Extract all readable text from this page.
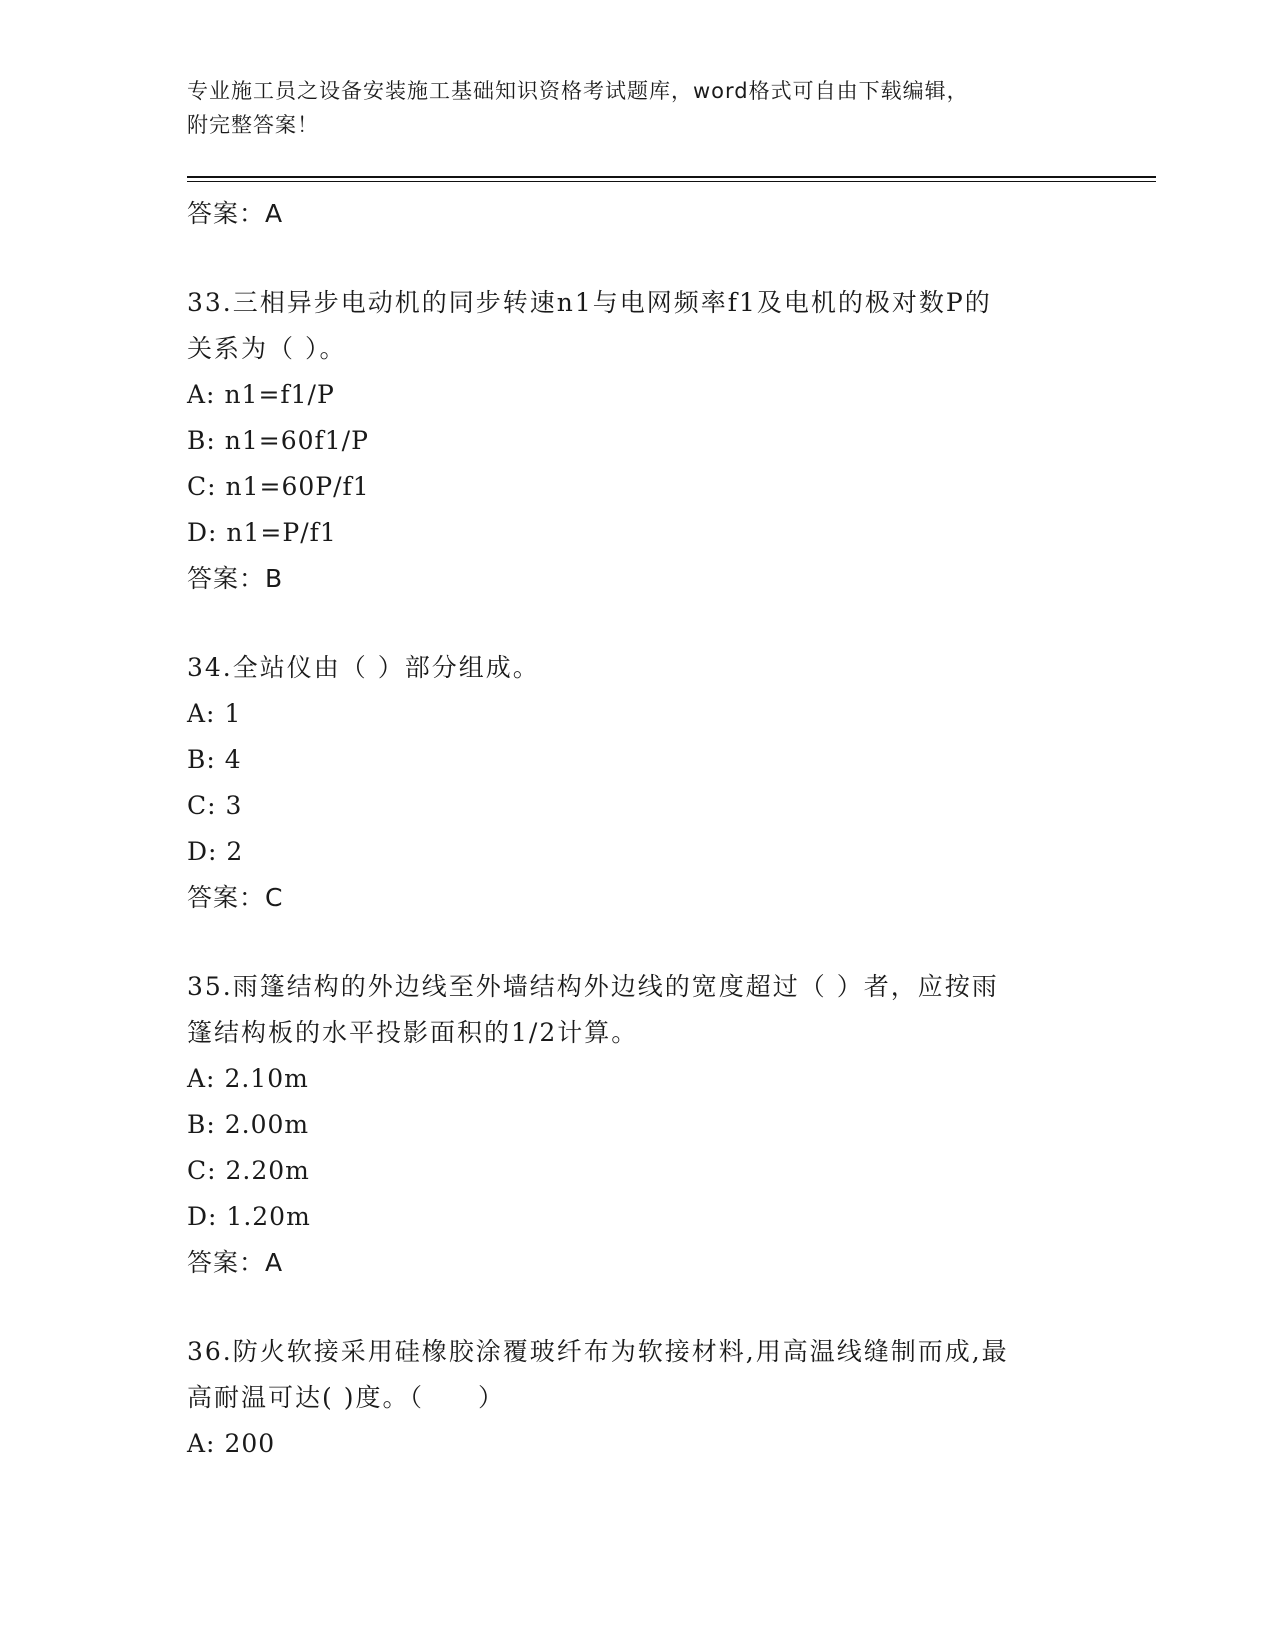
专业施工员之设备安装施工基础知识资格考试题库，word格式可自由下载编辑，
附完整答案！
答案：A
33.三相异步电动机的同步转速n1与电网频率f1及电机的极对数P的
关系为（ ）。
A: n1=f1/P
B: n1=60f1/P
C: n1=60P/f1
D: n1=P/f1
答案：B
34.全站仪由（ ）部分组成。
A: 1
B: 4
C: 3
D: 2
答案：C
35.雨篷结构的外边线至外墙结构外边线的宽度超过（ ）者，应按雨
篷结构板的水平投影面积的1/2计算。
A: 2.10m
B: 2.00m
C: 2.20m
D: 1.20m
答案：A
36.防火软接采用硅橡胶涂覆玻纤布为软接材料,用高温线缝制而成,最
高耐温可达( )度。（　　）
A: 200
